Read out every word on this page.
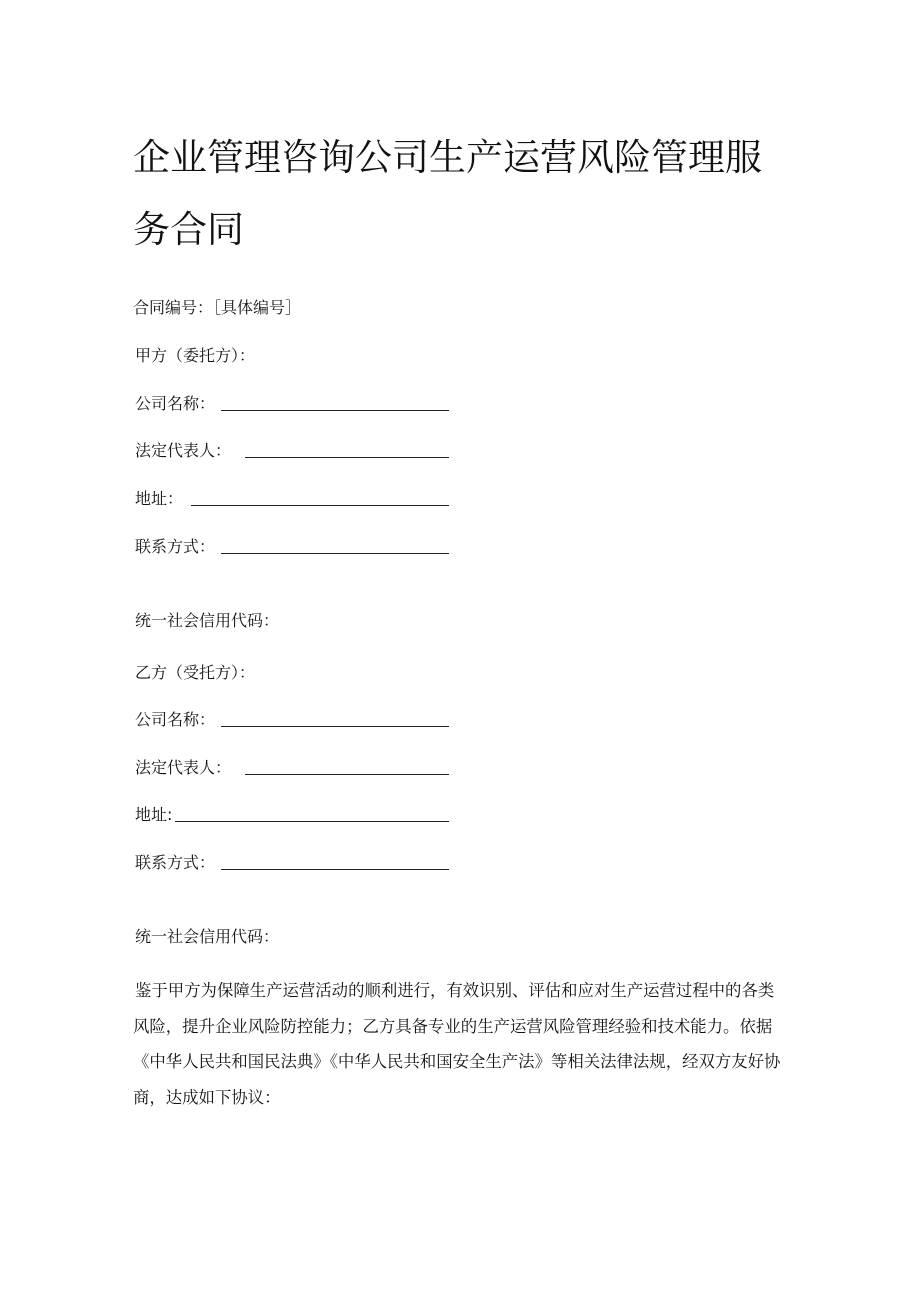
企业管理咨询公司生产运营风险管理服务合同
合同编号：［具体编号］
甲方（委托方）：
公司名称：
法定代表人：
地址：
联系方式：
统一社会信用代码：
乙方（受托方）：
公司名称：
法定代表人：
地址:
联系方式：
统一社会信用代码：

鉴于甲方为保障生产运营活动的顺利进行，有效识别、评估和应对生产运营过程中的各类风险，提升企业风险防控能力；乙方具备专业的生产运营风险管理经验和技术能力。依据《中华人民共和国民法典》《中华人民共和国安全生产法》等相关法律法规，经双方友好协商，达成如下协议：
